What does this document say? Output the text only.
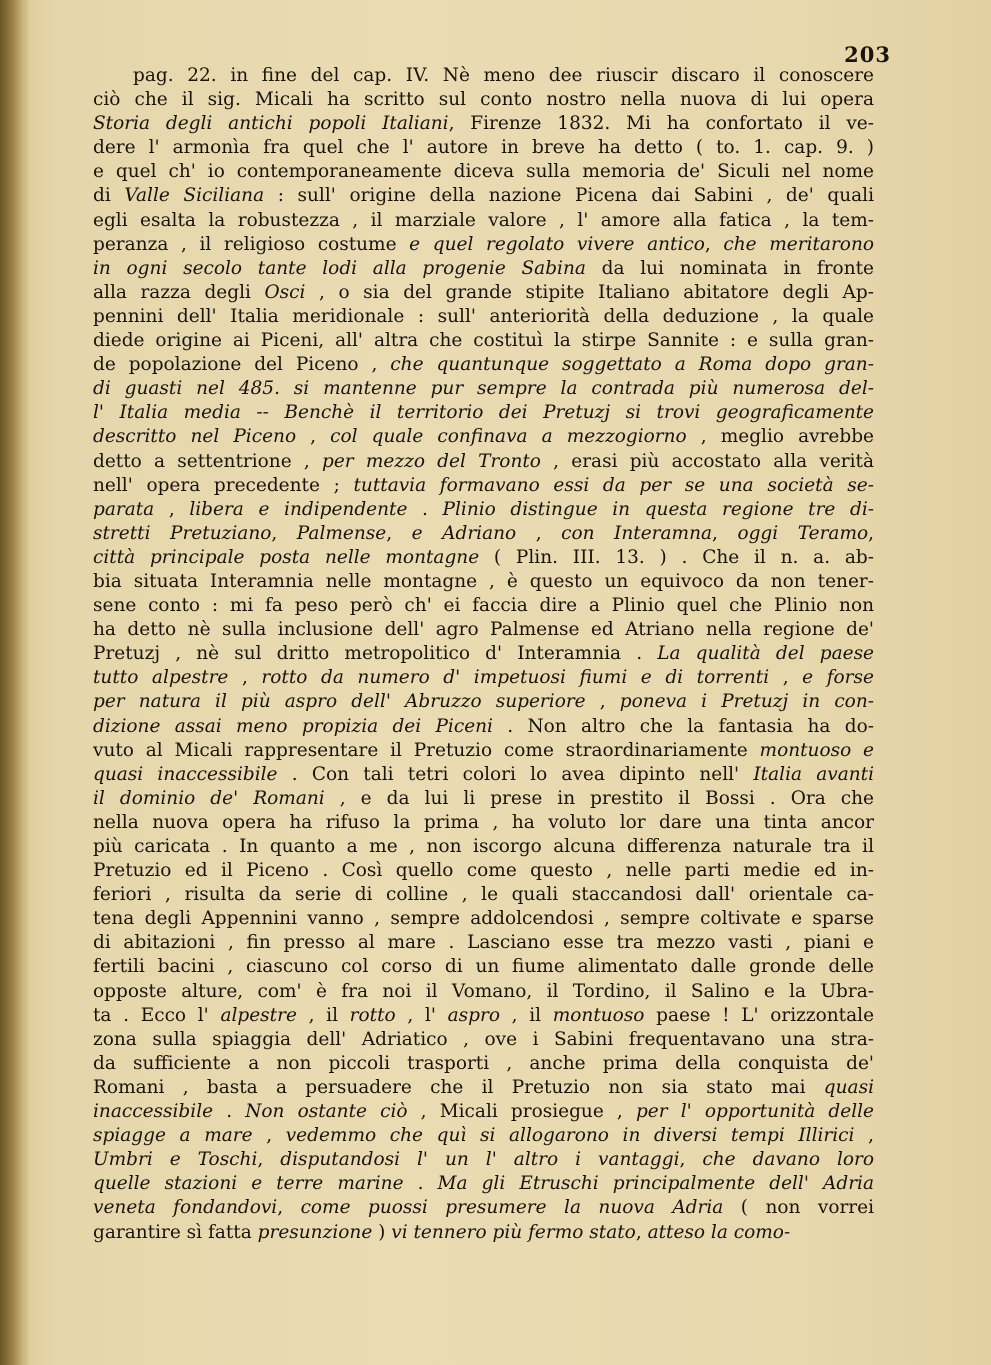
203
pag. 22. in fine del cap. IV. Nè meno dee riuscir discaro il conoscere
ciò che il sig. Micali ha scritto sul conto nostro nella nuova di lui opera
Storia degli antichi popoli Italiani, Firenze 1832. Mi ha confortato il ve-
dere l' armonìa fra quel che l' autore in breve ha detto ( to. 1. cap. 9. )
e quel ch' io contemporaneamente diceva sulla memoria de' Siculi nel nome
di Valle Siciliana : sull' origine della nazione Picena dai Sabini , de' quali
egli esalta la robustezza , il marziale valore , l' amore alla fatica , la tem-
peranza , il religioso costume e quel regolato vivere antico, che meritarono
in ogni secolo tante lodi alla progenie Sabina da lui nominata in fronte
alla razza degli Osci , o sia del grande stipite Italiano abitatore degli Ap-
pennini dell' Italia meridionale : sull' anteriorità della deduzione , la quale
diede origine ai Piceni, all' altra che costituì la stirpe Sannite : e sulla gran-
de popolazione del Piceno , che quantunque soggettato a Roma dopo gran-
di guasti nel 485. si mantenne pur sempre la contrada più numerosa del-
l' Italia media -- Benchè il territorio dei Pretuzj si trovi geograficamente
descritto nel Piceno , col quale confinava a mezzogiorno , meglio avrebbe
detto a settentrione , per mezzo del Tronto , erasi più accostato alla verità
nell' opera precedente ; tuttavia formavano essi da per se una società se-
parata , libera e indipendente . Plinio distingue in questa regione tre di-
stretti Pretuziano, Palmense, e Adriano , con Interamna, oggi Teramo,
città principale posta nelle montagne ( Plin. III. 13. ) . Che il n. a. ab-
bia situata Interamnia nelle montagne , è questo un equivoco da non tener-
sene conto : mi fa peso però ch' ei faccia dire a Plinio quel che Plinio non
ha detto nè sulla inclusione dell' agro Palmense ed Atriano nella regione de'
Pretuzj , nè sul dritto metropolitico d' Interamnia . La qualità del paese
tutto alpestre , rotto da numero d' impetuosi fiumi e di torrenti , e forse
per natura il più aspro dell' Abruzzo superiore , poneva i Pretuzj in con-
dizione assai meno propizia dei Piceni . Non altro che la fantasia ha do-
vuto al Micali rappresentare il Pretuzio come straordinariamente montuoso e
quasi inaccessibile . Con tali tetri colori lo avea dipinto nell' Italia avanti
il dominio de' Romani , e da lui li prese in prestito il Bossi . Ora che
nella nuova opera ha rifuso la prima , ha voluto lor dare una tinta ancor
più caricata . In quanto a me , non iscorgo alcuna differenza naturale tra il
Pretuzio ed il Piceno . Così quello come questo , nelle parti medie ed in-
feriori , risulta da serie di colline , le quali staccandosi dall' orientale ca-
tena degli Appennini vanno , sempre addolcendosi , sempre coltivate e sparse
di abitazioni , fin presso al mare . Lasciano esse tra mezzo vasti , piani e
fertili bacini , ciascuno col corso di un fiume alimentato dalle gronde delle
opposte alture, com' è fra noi il Vomano, il Tordino, il Salino e la Ubra-
ta . Ecco l' alpestre , il rotto , l' aspro , il montuoso paese ! L' orizzontale
zona sulla spiaggia dell' Adriatico , ove i Sabini frequentavano una stra-
da sufficiente a non piccoli trasporti , anche prima della conquista de'
Romani , basta a persuadere che il Pretuzio non sia stato mai quasi
inaccessibile . Non ostante ciò , Micali prosiegue , per l' opportunità delle
spiagge a mare , vedemmo che quì si allogarono in diversi tempi Illirici ,
Umbri e Toschi, disputandosi l' un l' altro i vantaggi, che davano loro
quelle stazioni e terre marine . Ma gli Etruschi principalmente dell' Adria
veneta fondandovi, come puossi presumere la nuova Adria ( non vorrei
garantire sì fatta presunzione ) vi tennero più fermo stato, atteso la como-
